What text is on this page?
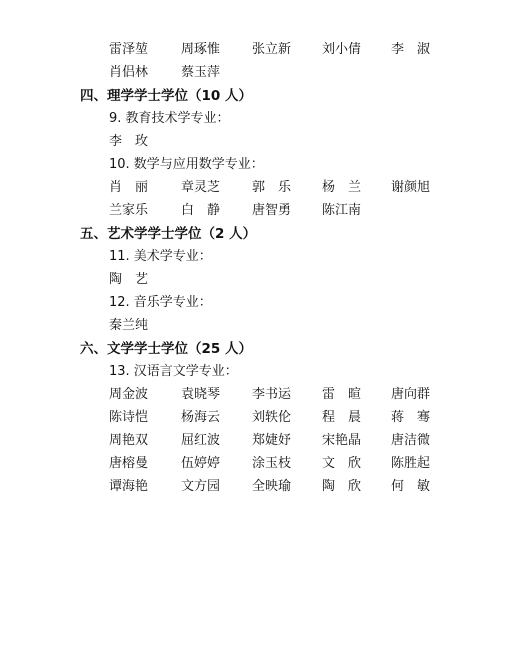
雷泽堃	周琢惟 张立新 刘小倩 李　淑
肖侣林	蔡玉萍
四、理学学士学位（10 人）
9. 教育技术学专业：
李　玫
10. 数学与应用数学专业：
肖　丽	章灵芝 郭　乐 杨　兰 谢颜旭
兰家乐	白　静 唐智勇 陈江南
五、艺术学学士学位（2 人）
11. 美术学专业：
陶　艺
12. 音乐学专业：
秦兰纯
六、文学学士学位（25 人）
13. 汉语言文学专业：
周金波	袁晓琴 李书运 雷　暄 唐向群
陈诗恺	杨海云 刘轶伦 程　晨 蒋　骞
周艳双	屈红波 郑婕妤 宋艳晶 唐洁微
唐榕曼	伍婷婷 涂玉枝 文　欣 陈胜起
谭海艳	文方园 全映瑜 陶　欣 何　敏
